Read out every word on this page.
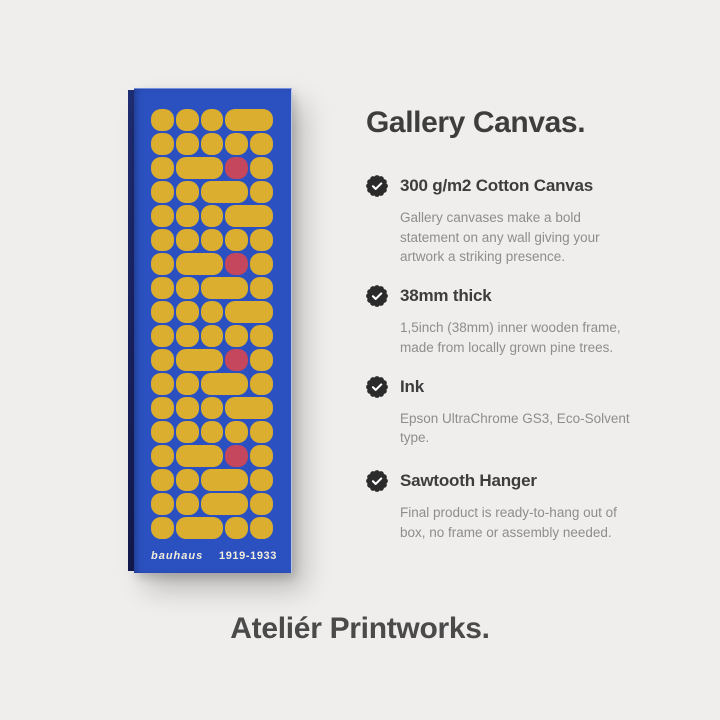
bauhaus 1919-1933
Gallery Canvas.
300 g/m2 Cotton Canvas

Gallery canvases make a bold statement on any wall giving your artwork a striking presence.

38mm thick

1,5inch (38mm) inner wooden frame, made from locally grown pine trees.

Ink

Epson UltraChrome GS3, Eco-Solvent type.

Sawtooth Hanger

Final product is ready-to-hang out of box, no frame or assembly needed.

Ateliér Printworks.
